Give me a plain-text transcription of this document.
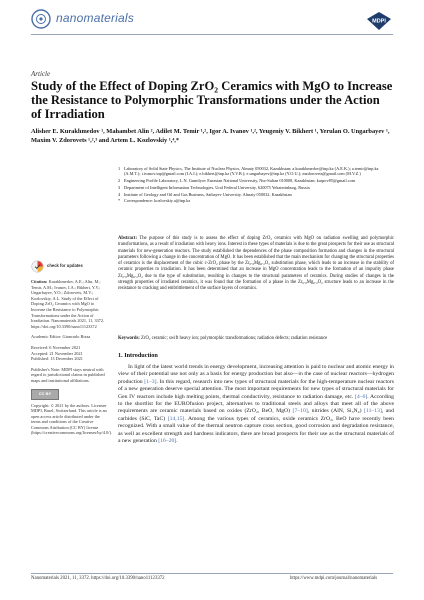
nanomaterials	MDPI
Article
Study of the Effect of Doping ZrO₂ Ceramics with MgO to Increase the Resistance to Polymorphic Transformations under the Action of Irradiation
Alisher E. Kurakhmedov ¹, Mahambet Alin ², Adilet M. Temir ¹,², Igor A. Ivanov ¹,², Yeugeniy V. Bikhert ¹, Yerulan O. Ungarbayev ¹, Maxim V. Zdorovets ¹,²,³ and Artem L. Kozlovskiy ¹,⁴,*
1 Laboratory of Solid State Physics, The Institute of Nuclear Physics, Almaty 050032, Kazakhstan; a.kurakhmedov@inp.kz (A.E.K.); a.temir@inp.kz (A.M.T.); i.ivanov.inp@gmail.com (I.A.I.); e.bikhert@inp.kz (Y.V.B.); e.ungarbayev@inp.kz (Y.O.U.); mzdorovets@gmail.com (M.V.Z.)
2 Engineering Profile Laboratory, L.N. Gumilyov Eurasian National University, Nur-Sultan 010008, Kazakhstan; karpov85@gmail.com
3 Department of Intelligent Information Technologies, Ural Federal University, 620075 Yekaterinburg, Russia
4 Institute of Geology and Oil and Gas Business, Satbayev University, Almaty 050032, Kazakhstan
* Correspondence: kozlovskiy.a@inp.kz
Abstract: The purpose of this study is to assess the effect of doping ZrO₂ ceramics with MgO on radiation swelling and polymorphic transformations, as a result of irradiation with heavy ions. Interest in these types of materials is due to the great prospects for their use as structural materials for new-generation reactors. The study established the dependences of the phase composition formation and changes in the structural parameters following a change in the concentration of MgO. It has been established that the main mechanism for changing the structural properties of ceramics is the displacement of the cubic c-ZrO₂ phase by the Zr₀.₈Mg₀.₂O₂ substitution phase, which leads to an increase in the stability of ceramic properties to irradiation. It has been determined that an increase in MgO concentration leads to the formation of an impurity phase Zr₀.₈Mg₀.₂O₂ due to the type of substitution, resulting in changes to the structural parameters of ceramics. During studies of changes in the strength properties of irradiated ceramics, it was found that the formation of a phase in the Zr₀.₈Mg₀.₂O₂ structure leads to an increase in the resistance to cracking and embrittlement of the surface layers of ceramics.
Keywords: ZrO₂ ceramic; swift heavy ion; polymorphic transformations; radiation defects; radiation resistance
check for updates
Citation: Kurakhmedov, A.E.; Alin, M.; Temir, A.M.; Ivanov, I.A.; Bikhert, Y.V.; Ungarbayev, Y.O.; Zdorovets, M.V.; Kozlovskiy, A.L. Study of the Effect of Doping ZrO₂ Ceramics with MgO to Increase the Resistance to Polymorphic Transformations under the Action of Irradiation. Nanomaterials 2021, 11, 3372. https://doi.org/10.3390/nano11123372
Academic Editor: Giancarlo Rizza
Received: 6 November 2021
Accepted: 21 November 2021
Published: 13 December 2021
Publisher's Note: MDPI stays neutral with regard to jurisdictional claims in published maps and institutional affiliations.
CC BY
Copyright: © 2021 by the authors. Licensee MDPI, Basel, Switzerland. This article is an open access article distributed under the terms and conditions of the Creative Commons Attribution (CC BY) license (https://creativecommons.org/licenses/by/4.0/).
1. Introduction
In light of the latest world trends in energy development, increasing attention is paid to nuclear and atomic energy in view of their potential use not only as a basis for energy production but also—in the case of nuclear reactors—hydrogen production [1–3]. In this regard, research into new types of structural materials for the high-temperature nuclear reactors of a new generation deserve special attention. The most important requirements for new types of structural materials for Gen IV reactors include high melting points, thermal conductivity, resistance to radiation damage, etc. [4–6]. According to the shortlist for the EUROfusion project, alternatives to traditional steels and alloys that meet all of the above requirements are ceramic materials based on oxides (ZrO₂, BeO, MgO) [7–10], nitrides (AlN, Si₃N₄) [11–13], and carbides (SiC, TaC) [14,15]. Among the various types of ceramics, oxide ceramics ZrO₂, BeO have recently been recognized. With a small value of the thermal neutron capture cross section, good corrosion and degradation resistance, as well as excellent strength and hardness indicators, there are broad prospects for their use as the structural materials of a new generation [16–20].
Nanomaterials 2021, 11, 3372. https://doi.org/10.3390/nano11123372	https://www.mdpi.com/journal/nanomaterials
